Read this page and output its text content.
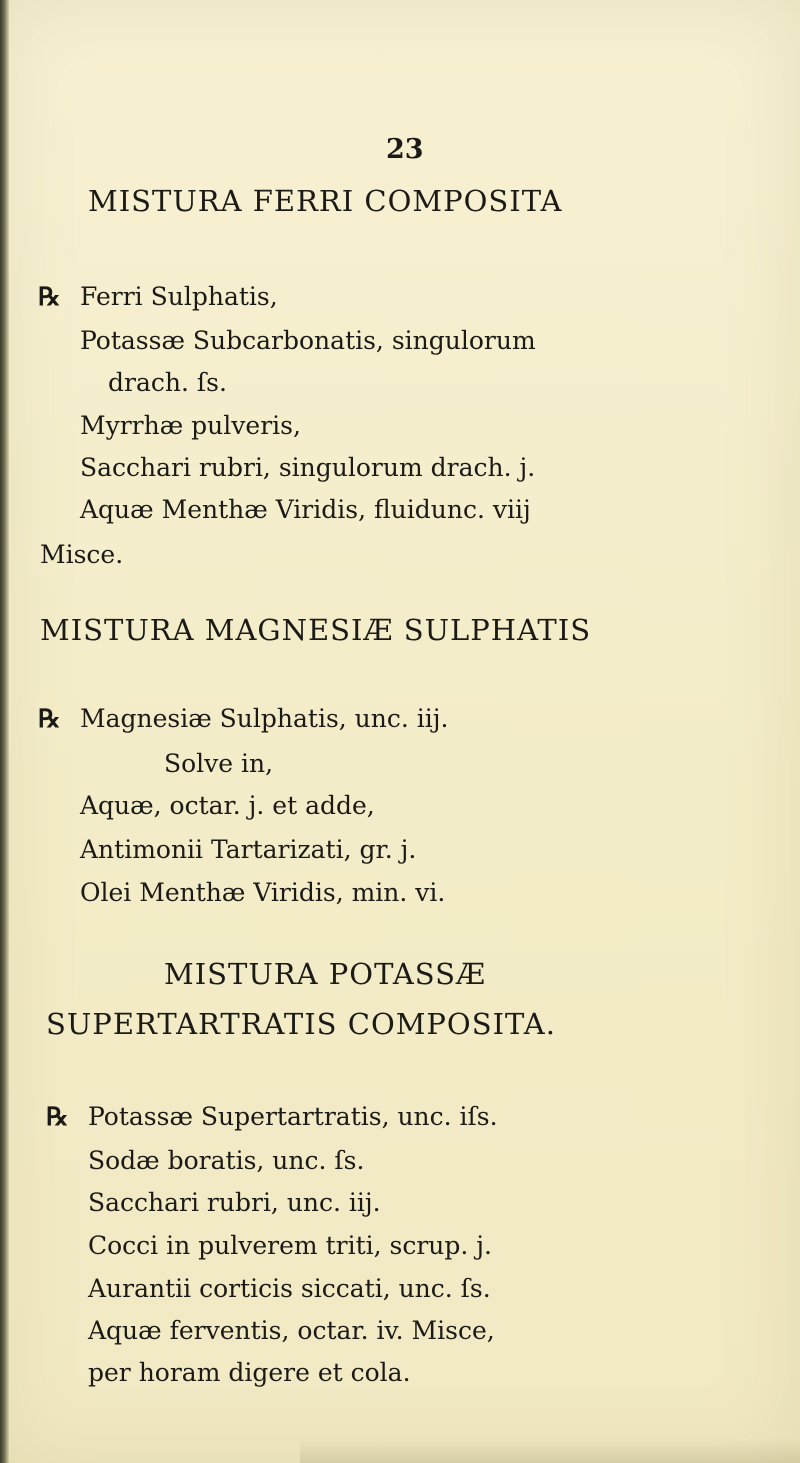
23
MISTURA FERRI COMPOSITA
℞ Ferri Sulphatis,
Potassæ Subcarbonatis, singulorum
drach. ſs.
Myrrhæ pulveris,
Sacchari rubri, singulorum drach. j.
Aquæ Menthæ Viridis, fluidunc. viij
Misce.
MISTURA MAGNESIÆ SULPHATIS
℞ Magnesiæ Sulphatis, unc. iij.
Solve in,
Aquæ, octar. j. et adde,
Antimonii Tartarizati, gr. j.
Olei Menthæ Viridis, min. vi.
MISTURA POTASSÆ
SUPERTARTRATIS COMPOSITA.
℞ Potassæ Supertartratis, unc. iſs.
Sodæ boratis, unc. ſs.
Sacchari rubri, unc. iij.
Cocci in pulverem triti, scrup. j.
Aurantii corticis siccati, unc. ſs.
Aquæ ferventis, octar. iv. Misce,
per horam digere et cola.
